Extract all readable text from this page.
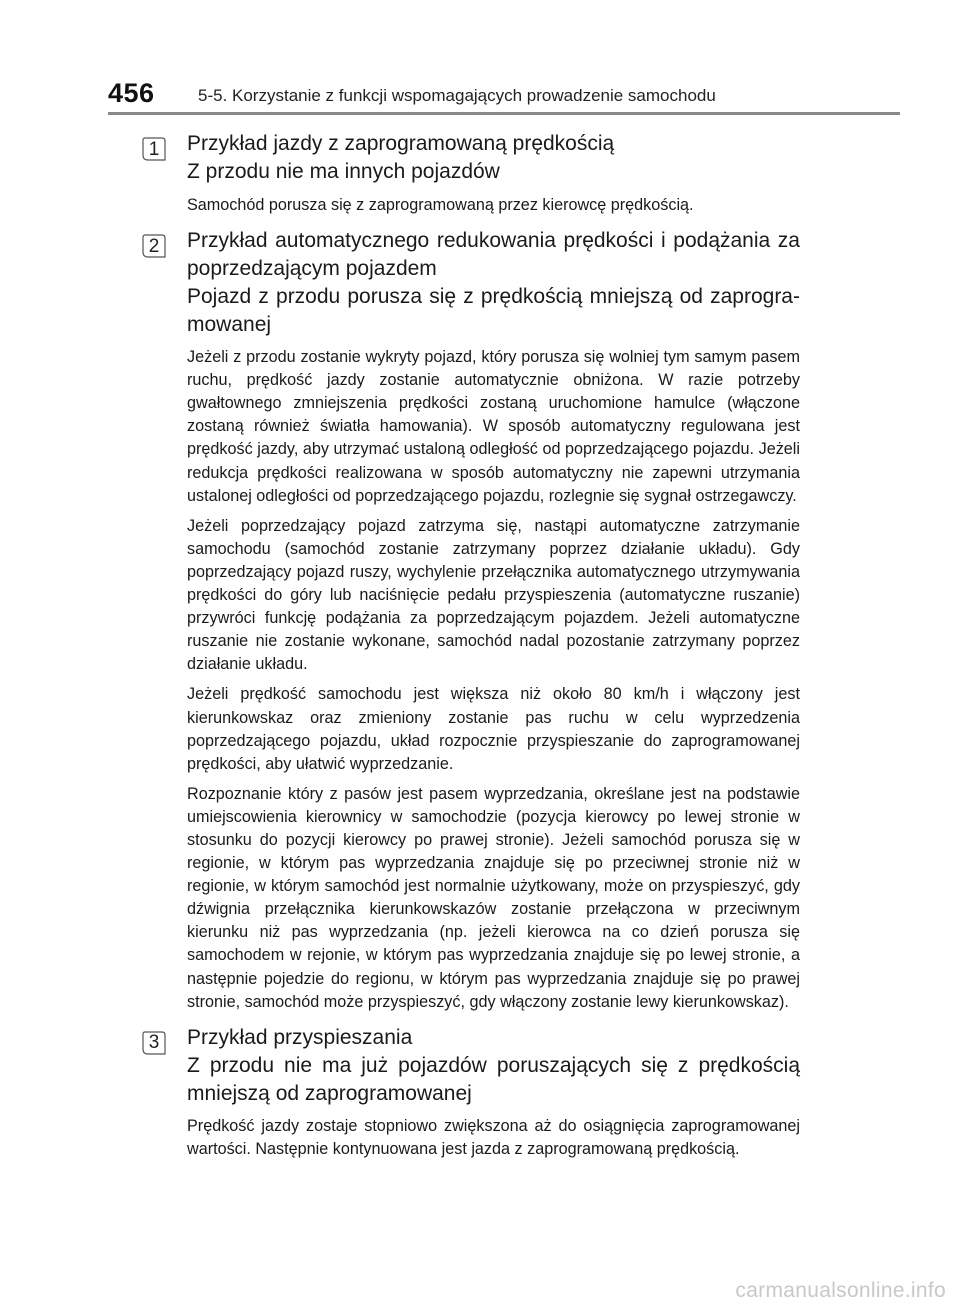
456	5-5. Korzystanie z funkcji wspomagających prowadzenie samochodu
1 Przykład jazdy z zaprogramowaną prędkością

Z przodu nie ma innych pojazdów

Samochód porusza się z zaprogramowaną przez kierowcę prędkością.

2 Przykład automatycznego redukowania prędkości i podążania za poprzedzającym pojazdem

Pojazd z przodu porusza się z prędkością mniejszą od zaprogramowanej

Jeżeli z przodu zostanie wykryty pojazd, który porusza się wolniej tym samym pasem ruchu, prędkość jazdy zostanie automatycznie obniżona. W razie potrzeby gwałtownego zmniejszenia prędkości zostaną uruchomione hamulce (włączone zostaną również światła hamowania). W sposób automatyczny regulowana jest prędkość jazdy, aby utrzymać ustaloną odległość od poprzedzającego pojazdu. Jeżeli redukcja prędkości realizowana w sposób automatyczny nie zapewni utrzymania ustalonej odległości od poprzedzającego pojazdu, rozlegnie się sygnał ostrzegawczy.

Jeżeli poprzedzający pojazd zatrzyma się, nastąpi automatyczne zatrzymanie samochodu (samochód zostanie zatrzymany poprzez działanie układu). Gdy poprzedzający pojazd ruszy, wychylenie przełącznika automatycznego utrzymywania prędkości do góry lub naciśnięcie pedału przyspieszenia (automatyczne ruszanie) przywróci funkcję podążania za poprzedzającym pojazdem. Jeżeli automatyczne ruszanie nie zostanie wykonane, samochód nadal pozostanie zatrzymany poprzez działanie układu.

Jeżeli prędkość samochodu jest większa niż około 80 km/h i włączony jest kierunkowskaz oraz zmieniony zostanie pas ruchu w celu wyprzedzenia poprzedzającego pojazdu, układ rozpocznie przyspieszanie do zaprogramowanej prędkości, aby ułatwić wyprzedzanie.

Rozpoznanie który z pasów jest pasem wyprzedzania, określane jest na podstawie umiejscowienia kierownicy w samochodzie (pozycja kierowcy po lewej stronie w stosunku do pozycji kierowcy po prawej stronie). Jeżeli samochód porusza się w regionie, w którym pas wyprzedzania znajduje się po przeciwnej stronie niż w regionie, w którym samochód jest normalnie użytkowany, może on przyspieszyć, gdy dźwignia przełącznika kierunkowskazów zostanie przełączona w przeciwnym kierunku niż pas wyprzedzania (np. jeżeli kierowca na co dzień porusza się samochodem w rejonie, w którym pas wyprzedzania znajduje się po lewej stronie, a następnie pojedzie do regionu, w którym pas wyprzedzania znajduje się po prawej stronie, samochód może przyspieszyć, gdy włączony zostanie lewy kierunkowskaz).

3 Przykład przyspieszania

Z przodu nie ma już pojazdów poruszających się z prędkością mniejszą od zaprogramowanej

Prędkość jazdy zostaje stopniowo zwiększona aż do osiągnięcia zaprogramowanej wartości. Następnie kontynuowana jest jazda z zaprogramowaną prędkością.

carmanualsonline.info
